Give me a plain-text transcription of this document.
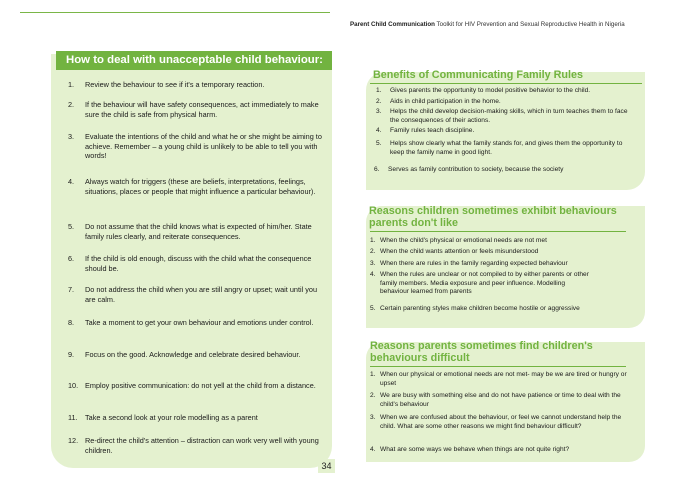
Parent Child Communication Toolkit for HIV Prevention and Sexual Reproductive Health in Nigeria
How to deal with unacceptable child behaviour:
1.	Review the behaviour to see if it's a temporary reaction.
2.	If the behaviour will have safety consequences, act immediately to make sure the child is safe from physical harm.
3.	Evaluate the intentions of the child and what he or she might be aiming to achieve. Remember – a young child is unlikely to be able to tell you with words!
4.	Always watch for triggers (these are beliefs, interpretations, feelings, situations, places or people that might influence a particular behaviour).
5.	Do not assume that the child knows what is expected of him/her. State family rules clearly, and reiterate consequences.
6.	If the child is old enough, discuss with the child what the consequence should be.
7.	Do not address the child when you are still angry or upset; wait until you are calm.
8.	Take a moment to get your own behaviour and emotions under control.
9.	Focus on the good. Acknowledge and celebrate desired behaviour.
10. Employ positive communication: do not yell at the child from a distance.
11.	Take a second look at your role modelling as a parent
12. Re-direct the child's attention – distraction can work very well with young children.
34
Benefits of Communicating Family Rules
1. Gives parents the opportunity to model positive behavior to the child.
2. Aids in child participation in the home.
3. Helps the child develop decision-making skills, which in turn teaches them to face the consequences of their actions.
4. Family rules teach discipline.
5. Helps show clearly what the family stands for, and gives them the opportunity to keep the family name in good light.
6. Serves as family contribution to society, because the society
Reasons children sometimes exhibit behaviours parents don't like
1. When the child's physical or emotional needs are not met
2. When the child wants attention or feels misunderstood
3. When there are rules in the family regarding expected behaviour
4. When the rules are unclear or not compiled to by either parents or other family members. Media exposure and peer influence. Modelling behaviour learned from parents
5. Certain parenting styles make children become hostile or aggressive
Reasons parents sometimes find children's behaviours difficult
1. When our physical or emotional needs are not met- may be we are tired or hungry or upset
2. We are busy with something else and do not have patience or time to deal with the child's behaviour
3. When we are confused about the behaviour, or feel we cannot understand help the child. What are some other reasons we might find behaviour difficult?
4. What are some ways we behave when things are not quite right?
